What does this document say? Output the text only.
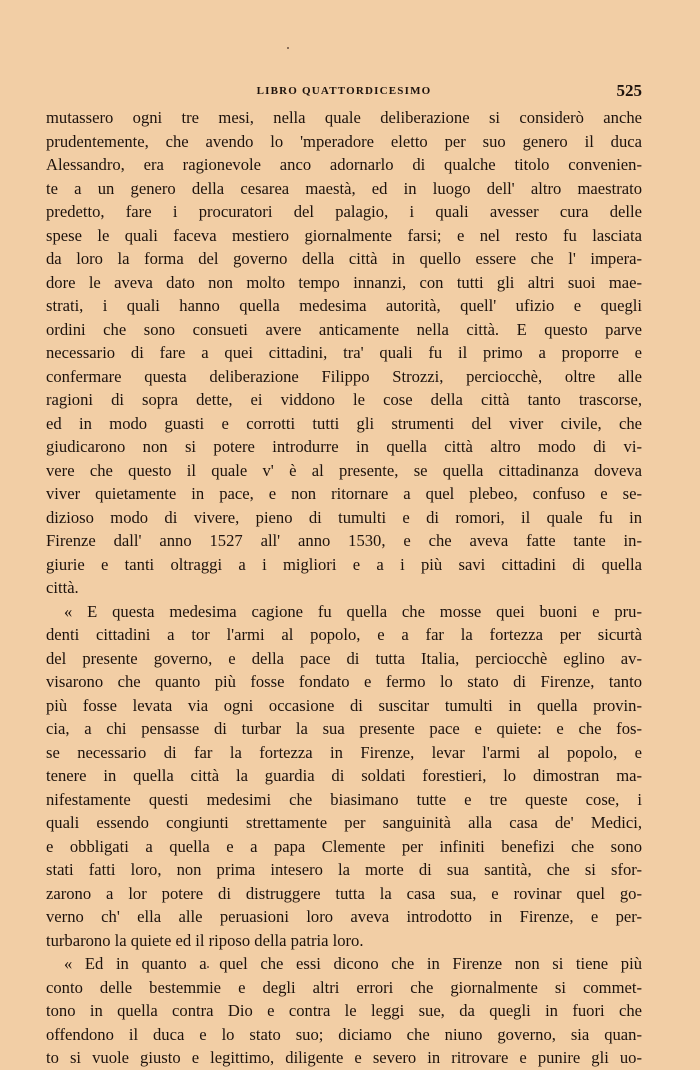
LIBRO QUATTORDICESIMO	525
mutassero ogni tre mesi, nella quale deliberazione si considerò anche
prudentemente, che avendo lo 'mperadore eletto per suo genero il duca
Alessandro, era ragionevole anco adornarlo di qualche titolo convenien-
te a un genero della cesarea maestà, ed in luogo dell' altro maestrato
predetto, fare i procuratori del palagio, i quali avesser cura delle
spese le quali faceva mestiero giornalmente farsi; e nel resto fu lasciata
da loro la forma del governo della città in quello essere che l' impera-
dore le aveva dato non molto tempo innanzi, con tutti gli altri suoi mae-
strati, i quali hanno quella medesima autorità, quell' ufizio e quegli
ordini che sono consueti avere anticamente nella città. E questo parve
necessario di fare a quei cittadini, tra' quali fu il primo a proporre e
confermare questa deliberazione Filippo Strozzi, perciocchè, oltre alle
ragioni di sopra dette, ei viddono le cose della città tanto trascorse,
ed in modo guasti e corrotti tutti gli strumenti del viver civile, che
giudicarono non si potere introdurre in quella città altro modo di vi-
vere che questo il quale v' è al presente, se quella cittadinanza doveva
viver quietamente in pace, e non ritornare a quel plebeo, confuso e se-
dizioso modo di vivere, pieno di tumulti e di romori, il quale fu in
Firenze dall' anno 1527 all' anno 1530, e che aveva fatte tante in-
giurie e tanti oltraggi a i migliori e a i più savi cittadini di quella
città.
« E questa medesima cagione fu quella che mosse quei buoni e pru-
denti cittadini a tor l'armi al popolo, e a far la fortezza per sicurtà
del presente governo, e della pace di tutta Italia, perciocchè eglino av-
visarono che quanto più fosse fondato e fermo lo stato di Firenze, tanto
più fosse levata via ogni occasione di suscitar tumulti in quella provin-
cia, a chi pensasse di turbar la sua presente pace e quiete: e che fos-
se necessario di far la fortezza in Firenze, levar l'armi al popolo, e
tenere in quella città la guardia di soldati forestieri, lo dimostran ma-
nifestamente questi medesimi che biasimano tutte e tre queste cose, i
quali essendo congiunti strettamente per sanguinità alla casa de' Medici,
e obbligati a quella e a papa Clemente per infiniti benefizi che sono
stati fatti loro, non prima intesero la morte di sua santità, che si sfor-
zarono a lor potere di distruggere tutta la casa sua, e rovinar quel go-
verno ch' ella alle peruasioni loro aveva introdotto in Firenze, e per-
turbarono la quiete ed il riposo della patria loro.
« Ed in quanto a quel che essi dicono che in Firenze non si tiene più
conto delle bestemmie e degli altri errori che giornalmente si commet-
tono in quella contra Dio e contra le leggi sue, da quegli in fuori che
offendono il duca e lo stato suo; diciamo che niuno governo, sia quan-
to si vuole giusto e legittimo, diligente e severo in ritrovare e punire gli uo-
